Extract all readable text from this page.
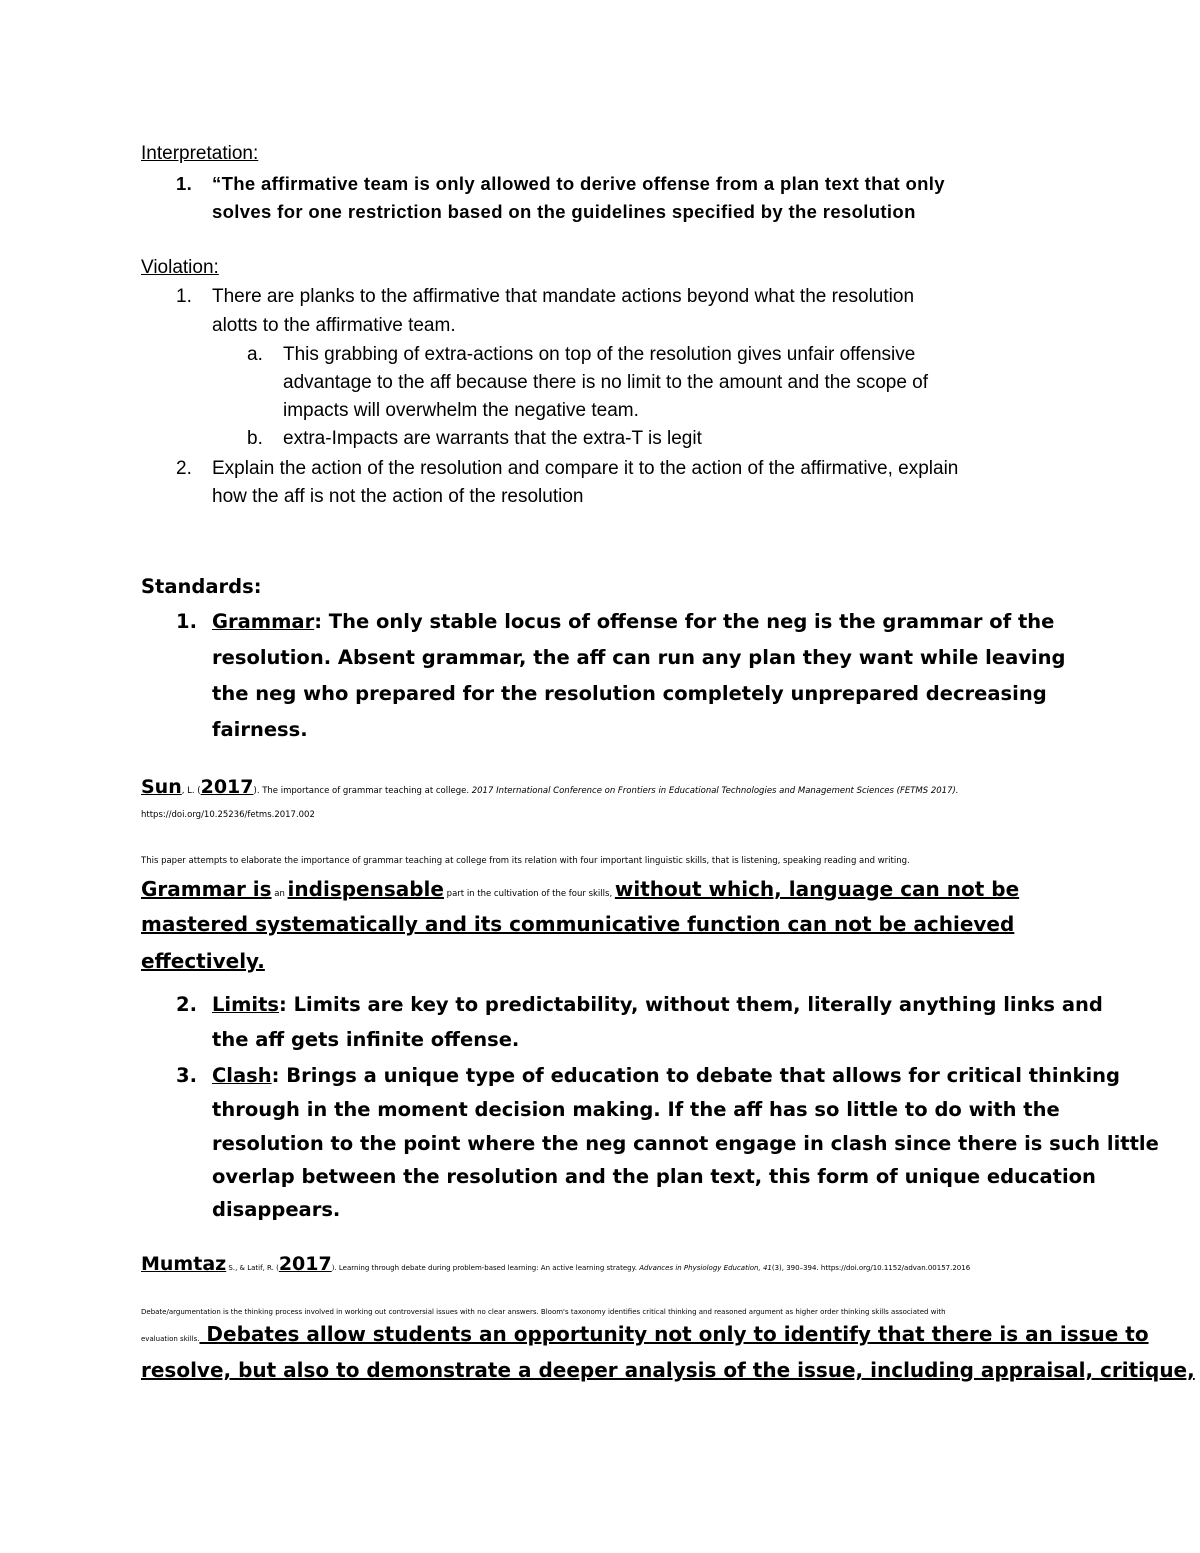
Interpretation:
1. “The affirmative team is only allowed to derive offense from a plan text that only
solves for one restriction based on the guidelines specified by the resolution
Violation:
1. There are planks to the affirmative that mandate actions beyond what the resolution
alotts to the affirmative team.
a. This grabbing of extra-actions on top of the resolution gives unfair offensive
advantage to the aff because there is no limit to the amount and the scope of
impacts will overwhelm the negative team.
b. extra-Impacts are warrants that the extra-T is legit
2. Explain the action of the resolution and compare it to the action of the affirmative, explain
how the aff is not the action of the resolution
Standards:
1. Grammar: The only stable locus of offense for the neg is the grammar of the
resolution. Absent grammar, the aff can run any plan they want while leaving
the neg who prepared for the resolution completely unprepared decreasing
fairness.
Sun, L. (2017). The importance of grammar teaching at college. 2017 International Conference on Frontiers in Educational Technologies and Management Sciences (FETMS 2017).
https://doi.org/10.25236/fetms.2017.002
This paper attempts to elaborate the importance of grammar teaching at college from its relation with four important linguistic skills, that is listening, speaking reading and writing.
Grammar is an indispensable part in the cultivation of the four skills, without which, language can not be
mastered systematically and its communicative function can not be achieved
effectively.
2. Limits: Limits are key to predictability, without them, literally anything links and
the aff gets infinite offense.
3. Clash: Brings a unique type of education to debate that allows for critical thinking
through in the moment decision making. If the aff has so little to do with the
resolution to the point where the neg cannot engage in clash since there is such little
overlap between the resolution and the plan text, this form of unique education
disappears.
Mumtaz S., & Latif, R. (2017). Learning through debate during problem-based learning: An active learning strategy. Advances in Physiology Education, 41(3), 390–394. https://doi.org/10.1152/advan.00157.2016
Debate/argumentation is the thinking process involved in working out controversial issues with no clear answers. Bloom's taxonomy identifies critical thinking and reasoned argument as higher order thinking skills associated with
evaluation skills. Debates allow students an opportunity not only to identify that there is an issue to
resolve, but also to demonstrate a deeper analysis of the issue, including appraisal, critique,
